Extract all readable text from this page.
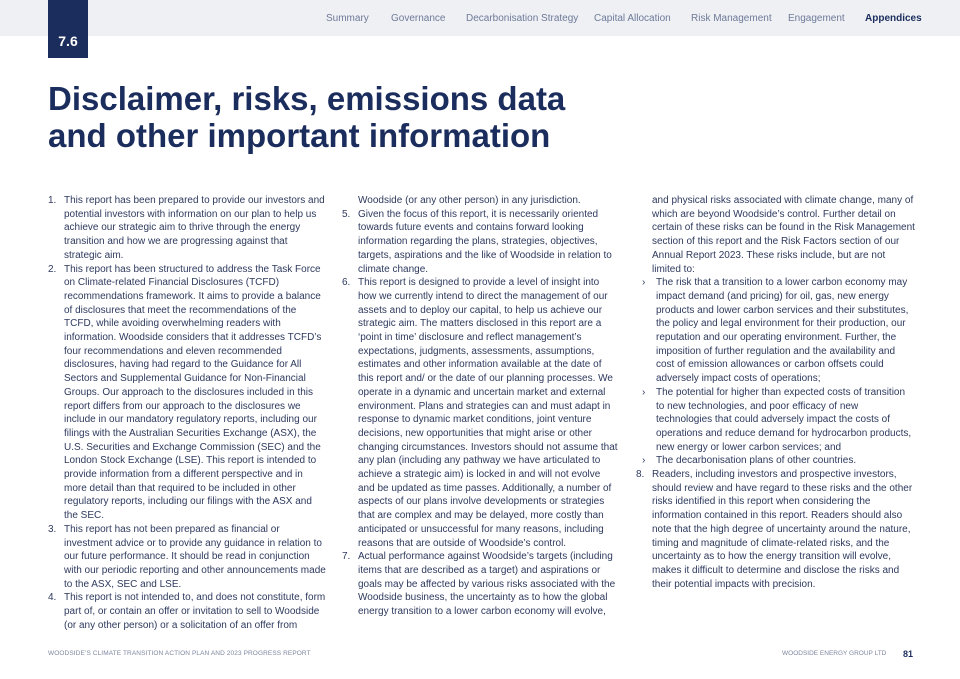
7.6
Summary Governance Decarbonisation Strategy Capital Allocation Risk Management Engagement Appendices
Disclaimer, risks, emissions data
and other important information
1. This report has been prepared to provide our investors and potential investors with information on our plan to help us achieve our strategic aim to thrive through the energy transition and how we are progressing against that strategic aim.
2. This report has been structured to address the Task Force on Climate-related Financial Disclosures (TCFD) recommendations framework. It aims to provide a balance of disclosures that meet the recommendations of the TCFD, while avoiding overwhelming readers with information. Woodside considers that it addresses TCFD’s four recommendations and eleven recommended disclosures, having had regard to the Guidance for All Sectors and Supplemental Guidance for Non-Financial Groups. Our approach to the disclosures included in this report differs from our approach to the disclosures we include in our mandatory regulatory reports, including our filings with the Australian Securities Exchange (ASX), the U.S. Securities and Exchange Commission (SEC) and the London Stock Exchange (LSE). This report is intended to provide information from a different perspective and in more detail than that required to be included in other regulatory reports, including our filings with the ASX and the SEC.
3. This report has not been prepared as financial or investment advice or to provide any guidance in relation to our future performance. It should be read in conjunction with our periodic reporting and other announcements made to the ASX, SEC and LSE.
4. This report is not intended to, and does not constitute, form part of, or contain an offer or invitation to sell to Woodside (or any other person) or a solicitation of an offer from

Woodside (or any other person) in any jurisdiction.

5. Given the focus of this report, it is necessarily oriented towards future events and contains forward looking information regarding the plans, strategies, objectives, targets, aspirations and the like of Woodside in relation to climate change.
6. This report is designed to provide a level of insight into how we currently intend to direct the management of our assets and to deploy our capital, to help us achieve our strategic aim. The matters disclosed in this report are a ‘point in time’ disclosure and reflect management’s expectations, judgments, assessments, assumptions, estimates and other information available at the date of this report and/ or the date of our planning processes. We operate in a dynamic and uncertain market and external environment. Plans and strategies can and must adapt in response to dynamic market conditions, joint venture decisions, new opportunities that might arise or other changing circumstances. Investors should not assume that any plan (including any pathway we have articulated to achieve a strategic aim) is locked in and will not evolve and be updated as time passes. Additionally, a number of aspects of our plans involve developments or strategies that are complex and may be delayed, more costly than anticipated or unsuccessful for many reasons, including reasons that are outside of Woodside’s control.
7. Actual performance against Woodside’s targets (including items that are described as a target) and aspirations or goals may be affected by various risks associated with the Woodside business, the uncertainty as to how the global energy transition to a lower carbon economy will evolve,

and physical risks associated with climate change, many of which are beyond Woodside’s control. Further detail on certain of these risks can be found in the Risk Management section of this report and the Risk Factors section of our Annual Report 2023. These risks include, but are not limited to:

› The risk that a transition to a lower carbon economy may impact demand (and pricing) for oil, gas, new energy products and lower carbon services and their substitutes, the policy and legal environment for their production, our reputation and our operating environment. Further, the imposition of further regulation and the availability and cost of emission allowances or carbon offsets could adversely impact costs of operations;
› The potential for higher than expected costs of transition to new technologies, and poor efficacy of new technologies that could adversely impact the costs of operations and reduce demand for hydrocarbon products, new energy or lower carbon services; and
› The decarbonisation plans of other countries.
8. Readers, including investors and prospective investors, should review and have regard to these risks and the other risks identified in this report when considering the information contained in this report. Readers should also note that the high degree of uncertainty around the nature, timing and magnitude of climate-related risks, and the uncertainty as to how the energy transition will evolve, makes it difficult to determine and disclose the risks and their potential impacts with precision.
WOODSIDE’S CLIMATE TRANSITION ACTION PLAN AND 2023 PROGRESS REPORT	WOODSIDE ENERGY GROUP LTD 81
